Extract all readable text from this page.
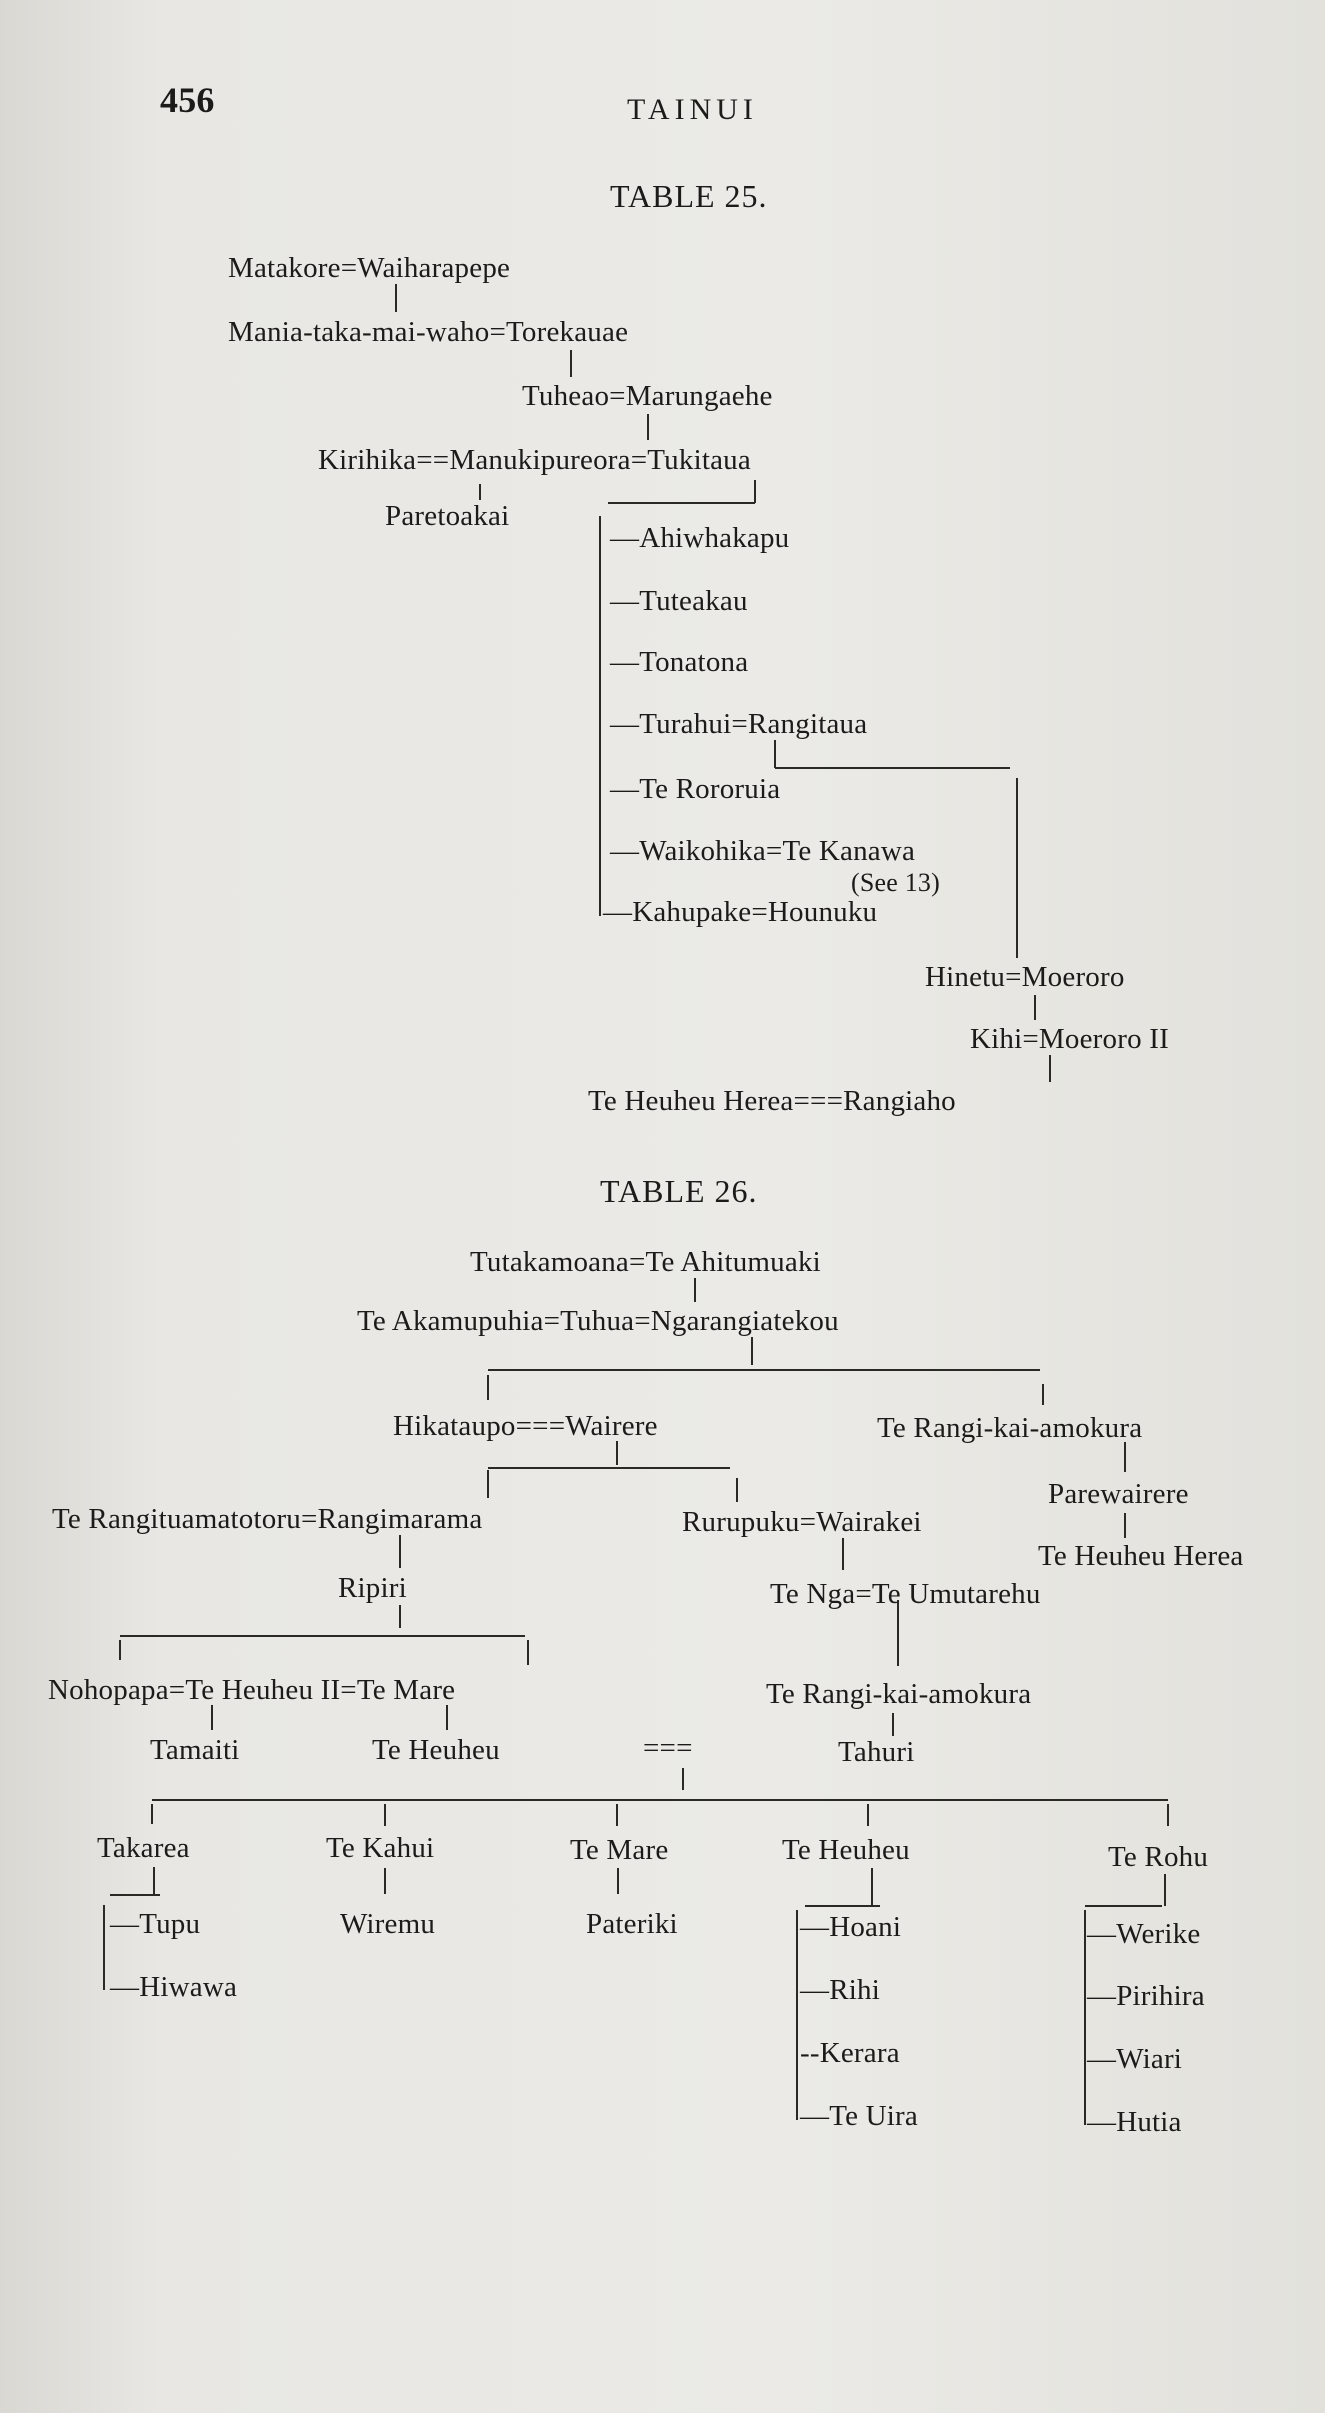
456	TAINUI
TABLE 25.
Matakore=Waiharapepe
Mania-taka-mai-waho=Torekauae
Tuheao=Marungaehe
Kirihika==Manukipureora=Tukitaua
Paretoakai
—Ahiwhakapu
—Tuteakau
—Tonatona
—Turahui=Rangitaua
—Te Rororuia
—Waikohika=Te Kanawa
(See 13)
—Kahupake=Hounuku
Hinetu=Moeroro
Kihi=Moeroro II
Te Heuheu Herea===Rangiaho
TABLE 26.
Tutakamoana=Te Ahitumuaki
Te Akamupuhia=Tuhua=Ngarangiatekou
Hikataupo===Wairere	Te Rangi-kai-amokura
Te Rangituamatotoru=Rangimarama	Rurupuku=Wairakei
Parewairere
Te Heuheu Herea
Ripiri	Te Nga=Te Umutarehu
Nohopapa=Te Heuheu II=Te Mare	Te Rangi-kai-amokura
Tamaiti	Te Heuheu	===	Tahuri
Takarea
—Tupu
—Hiwawa
Te Kahui
Wiremu
Te Mare
Pateriki
Te Heuheu
—Hoani
—Rihi
--Kerara
—Te Uira
Te Rohu
—Werike
—Pirihira
—Wiari
—Hutia
